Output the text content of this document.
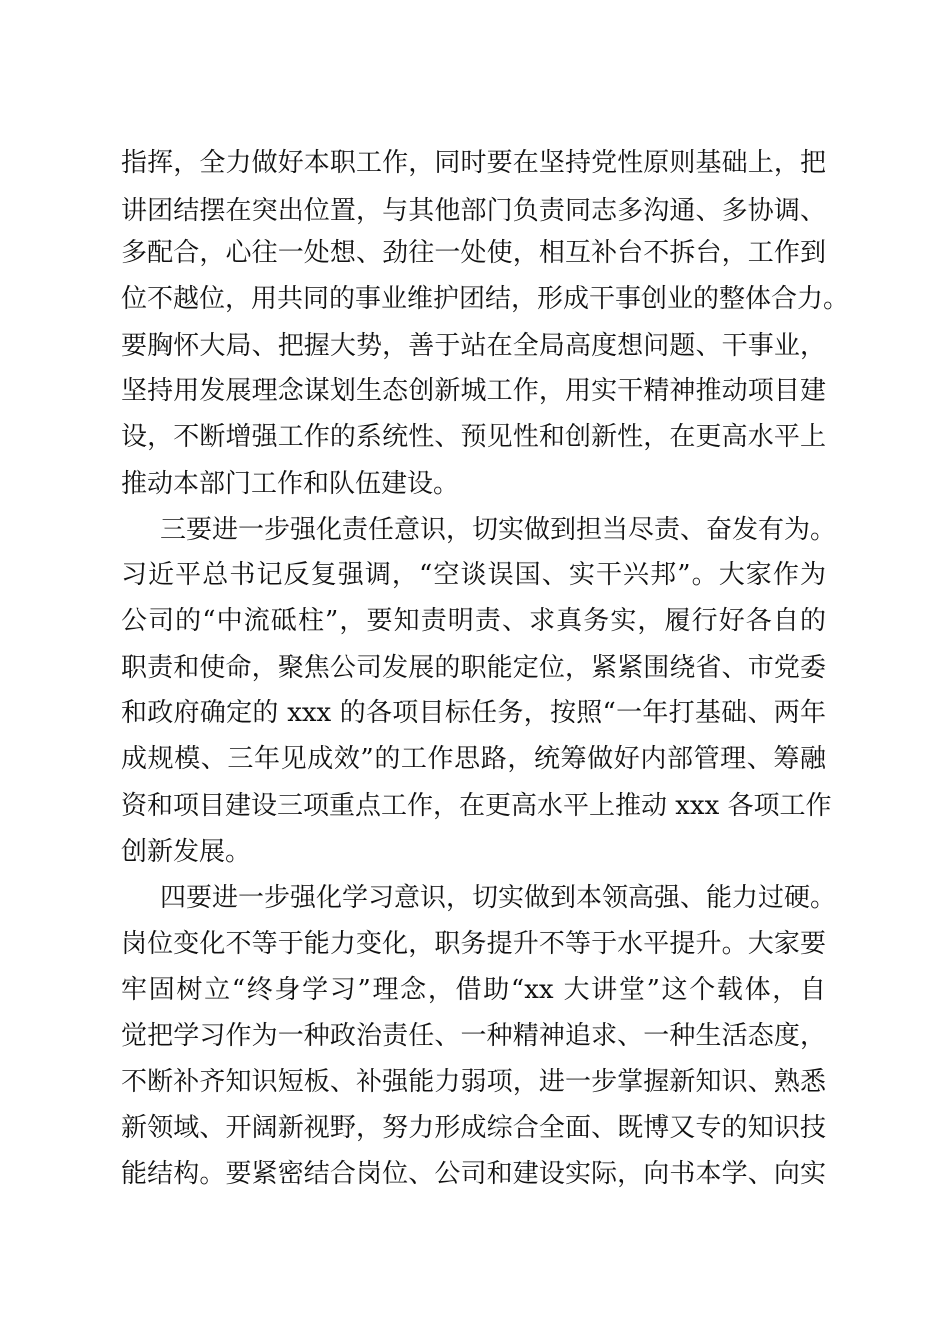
指挥，全力做好本职工作，同时要在坚持党性原则基础上，把
讲团结摆在突出位置，与其他部门负责同志多沟通、多协调、
多配合，心往一处想、劲往一处使，相互补台不拆台，工作到
位不越位，用共同的事业维护团结，形成干事创业的整体合力。
要胸怀大局、把握大势，善于站在全局高度想问题、干事业，
坚持用发展理念谋划生态创新城工作，用实干精神推动项目建
设，不断增强工作的系统性、预见性和创新性，在更高水平上
推动本部门工作和队伍建设。
三要进一步强化责任意识，切实做到担当尽责、奋发有为。
习近平总书记反复强调，“空谈误国、实干兴邦”。大家作为
公司的“中流砥柱”，要知责明责、求真务实，履行好各自的
职责和使命，聚焦公司发展的职能定位，紧紧围绕省、市党委
和政府确定的 xxx 的各项目标任务，按照“一年打基础、两年
成规模、三年见成效”的工作思路，统筹做好内部管理、筹融
资和项目建设三项重点工作，在更高水平上推动 xxx 各项工作
创新发展。
四要进一步强化学习意识，切实做到本领高强、能力过硬。
岗位变化不等于能力变化，职务提升不等于水平提升。大家要
牢固树立“终身学习”理念，借助“xx 大讲堂”这个载体，自
觉把学习作为一种政治责任、一种精神追求、一种生活态度，
不断补齐知识短板、补强能力弱项，进一步掌握新知识、熟悉
新领域、开阔新视野，努力形成综合全面、既博又专的知识技
能结构。要紧密结合岗位、公司和建设实际，向书本学、向实
